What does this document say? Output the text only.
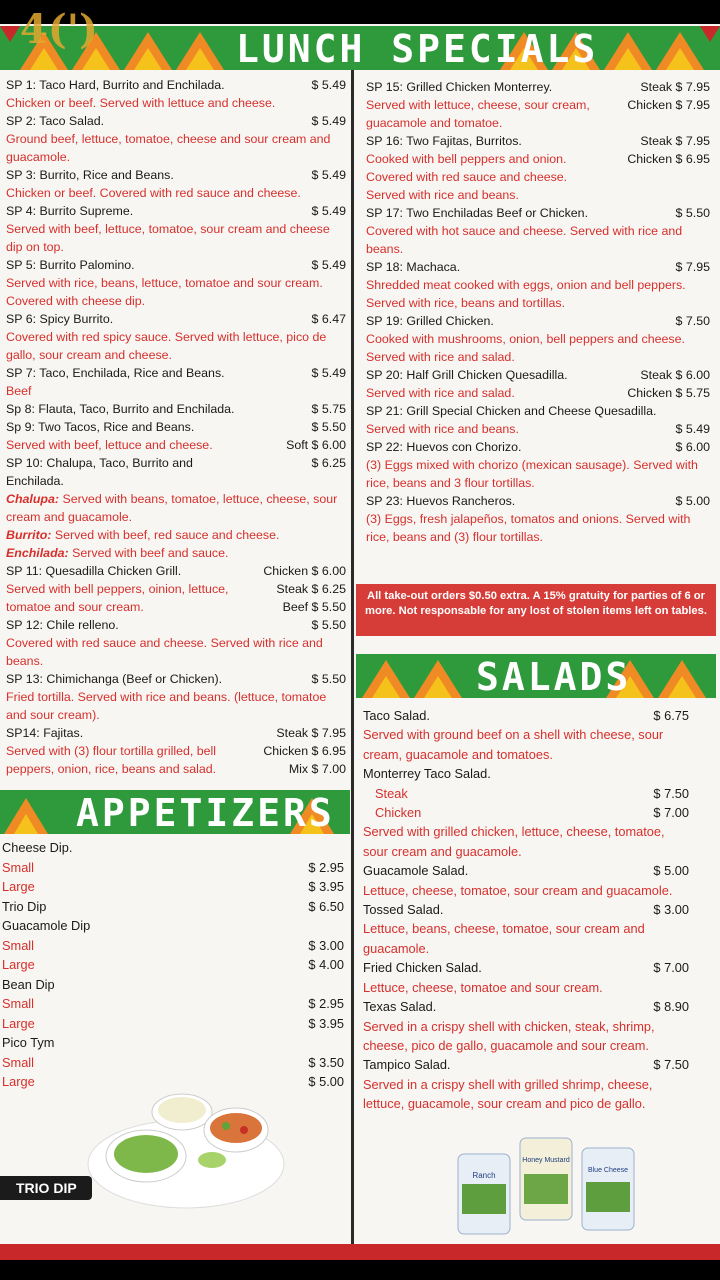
LUNCH SPECIALS
4(')
SP 1: Taco Hard, Burrito and Enchilada.	$ 5.49
Chicken or beef. Served with lettuce and cheese.
SP 2: Taco Salad.	$ 5.49
Ground beef, lettuce, tomatoe, cheese and sour cream and guacamole.
SP 3: Burrito, Rice and Beans.	$ 5.49
Chicken or beef. Covered with red sauce and cheese.
SP 4: Burrito Supreme.	$ 5.49
Served with beef, lettuce, tomatoe, sour cream and cheese dip on top.
SP 5: Burrito Palomino.	$ 5.49
Served with rice, beans, lettuce, tomatoe and sour cream. Covered with cheese dip.
SP 6: Spicy Burrito.	$ 6.47
Covered with red spicy sauce. Served with lettuce, pico de gallo, sour cream and cheese.
SP 7: Taco, Enchilada, Rice and Beans.	$ 5.49
Beef
Sp 8: Flauta, Taco, Burrito and Enchilada.	$ 5.75
Sp 9: Two Tacos, Rice and Beans.	$ 5.50
Soft $ 6.00
Served with beef, lettuce and cheese.
SP 10: Chalupa, Taco, Burrito and Enchilada.
$ 6.25
Chalupa: Served with beans, tomatoe, lettuce, cheese, sour cream and guacamole.
Burrito: Served with beef, red sauce and cheese.
Enchilada: Served with beef and sauce.
SP 11: Quesadilla Chicken Grill.	Chicken $ 6.00
Steak $ 6.25
Beef $ 5.50
Served with bell peppers, oinion, lettuce, tomatoe and sour cream.
SP 12: Chile relleno.	$ 5.50
Covered with red sauce and cheese. Served with rice and beans.
SP 13: Chimichanga (Beef or Chicken).	$ 5.50
Fried tortilla. Served with rice and beans. (lettuce, tomatoe and sour cream).
SP14: Fajitas.	Steak $ 7.95
Chicken $ 6.95
Mix $ 7.00
Served with (3) flour tortilla grilled, bell peppers, onion, rice, beans and salad.
SP 15: Grilled Chicken Monterrey.	Steak $ 7.95
Chicken $ 7.95
Served with lettuce, cheese, sour cream, guacamole and tomatoe.
SP 16: Two Fajitas, Burritos.	Steak $ 7.95
Chicken $ 6.95
Cooked with bell peppers and onion. Covered with red sauce and cheese. Served with rice and beans.
SP 17: Two Enchiladas Beef or Chicken.	$ 5.50
Covered with hot sauce and cheese. Served with rice and beans.
SP 18: Machaca.	$ 7.95
Shredded meat cooked with eggs, onion and bell peppers. Served with rice, beans and tortillas.
SP 19: Grilled Chicken.	$ 7.50
Cooked with mushrooms, onion, bell peppers and cheese. Served with rice and salad.
SP 20: Half Grill Chicken Quesadilla.	Steak $ 6.00
Chicken $ 5.75
Served with rice and salad.
SP 21: Grill Special Chicken and Cheese Quesadilla.
Served with rice and beans.	$ 5.49
SP 22: Huevos con Chorizo.	$ 6.00
(3) Eggs mixed with chorizo (mexican sausage). Served with rice, beans and 3 flour tortillas.
SP 23: Huevos Rancheros.	$ 5.00
(3) Eggs, fresh jalapeños, tomatos and onions. Served with rice, beans and (3) flour tortillas.
All take-out orders $0.50 extra. A 15% gratuity for parties of 6 or more. Not responsable for any lost of stolen items left on tables.
APPETIZERS
Cheese Dip.
Small	$ 2.95
Large	$ 3.95
Trio Dip	$ 6.50
Guacamole Dip
Small	$ 3.00
Large	$ 4.00
Bean Dip
Small	$ 2.95
Large	$ 3.95
Pico Tym
Small	$ 3.50
Large	$ 5.00
SALADS
Taco Salad.	$ 6.75
Served with ground beef on a shell with cheese, sour cream, guacamole and tomatoes.
Monterrey Taco Salad.
Steak	$ 7.50
Chicken	$ 7.00
Served with grilled chicken, lettuce, cheese, tomatoe, sour cream and guacamole.
Guacamole Salad.	$ 5.00
Lettuce, cheese, tomatoe, sour cream and guacamole.
Tossed Salad.	$ 3.00
Lettuce, beans, cheese, tomatoe, sour cream and guacamole.
Fried Chicken Salad.	$ 7.00
Lettuce, cheese, tomatoe and sour cream.
Texas Salad.	$ 8.90
Served in a crispy shell with chicken, steak, shrimp, cheese, pico de gallo, guacamole and sour cream.
Tampico Salad.	$ 7.50
Served in a crispy shell with grilled shrimp, cheese, lettuce, guacamole, sour cream and pico de gallo.
TRIO DIP
Ranch
Honey Mustard
Blue Cheese
